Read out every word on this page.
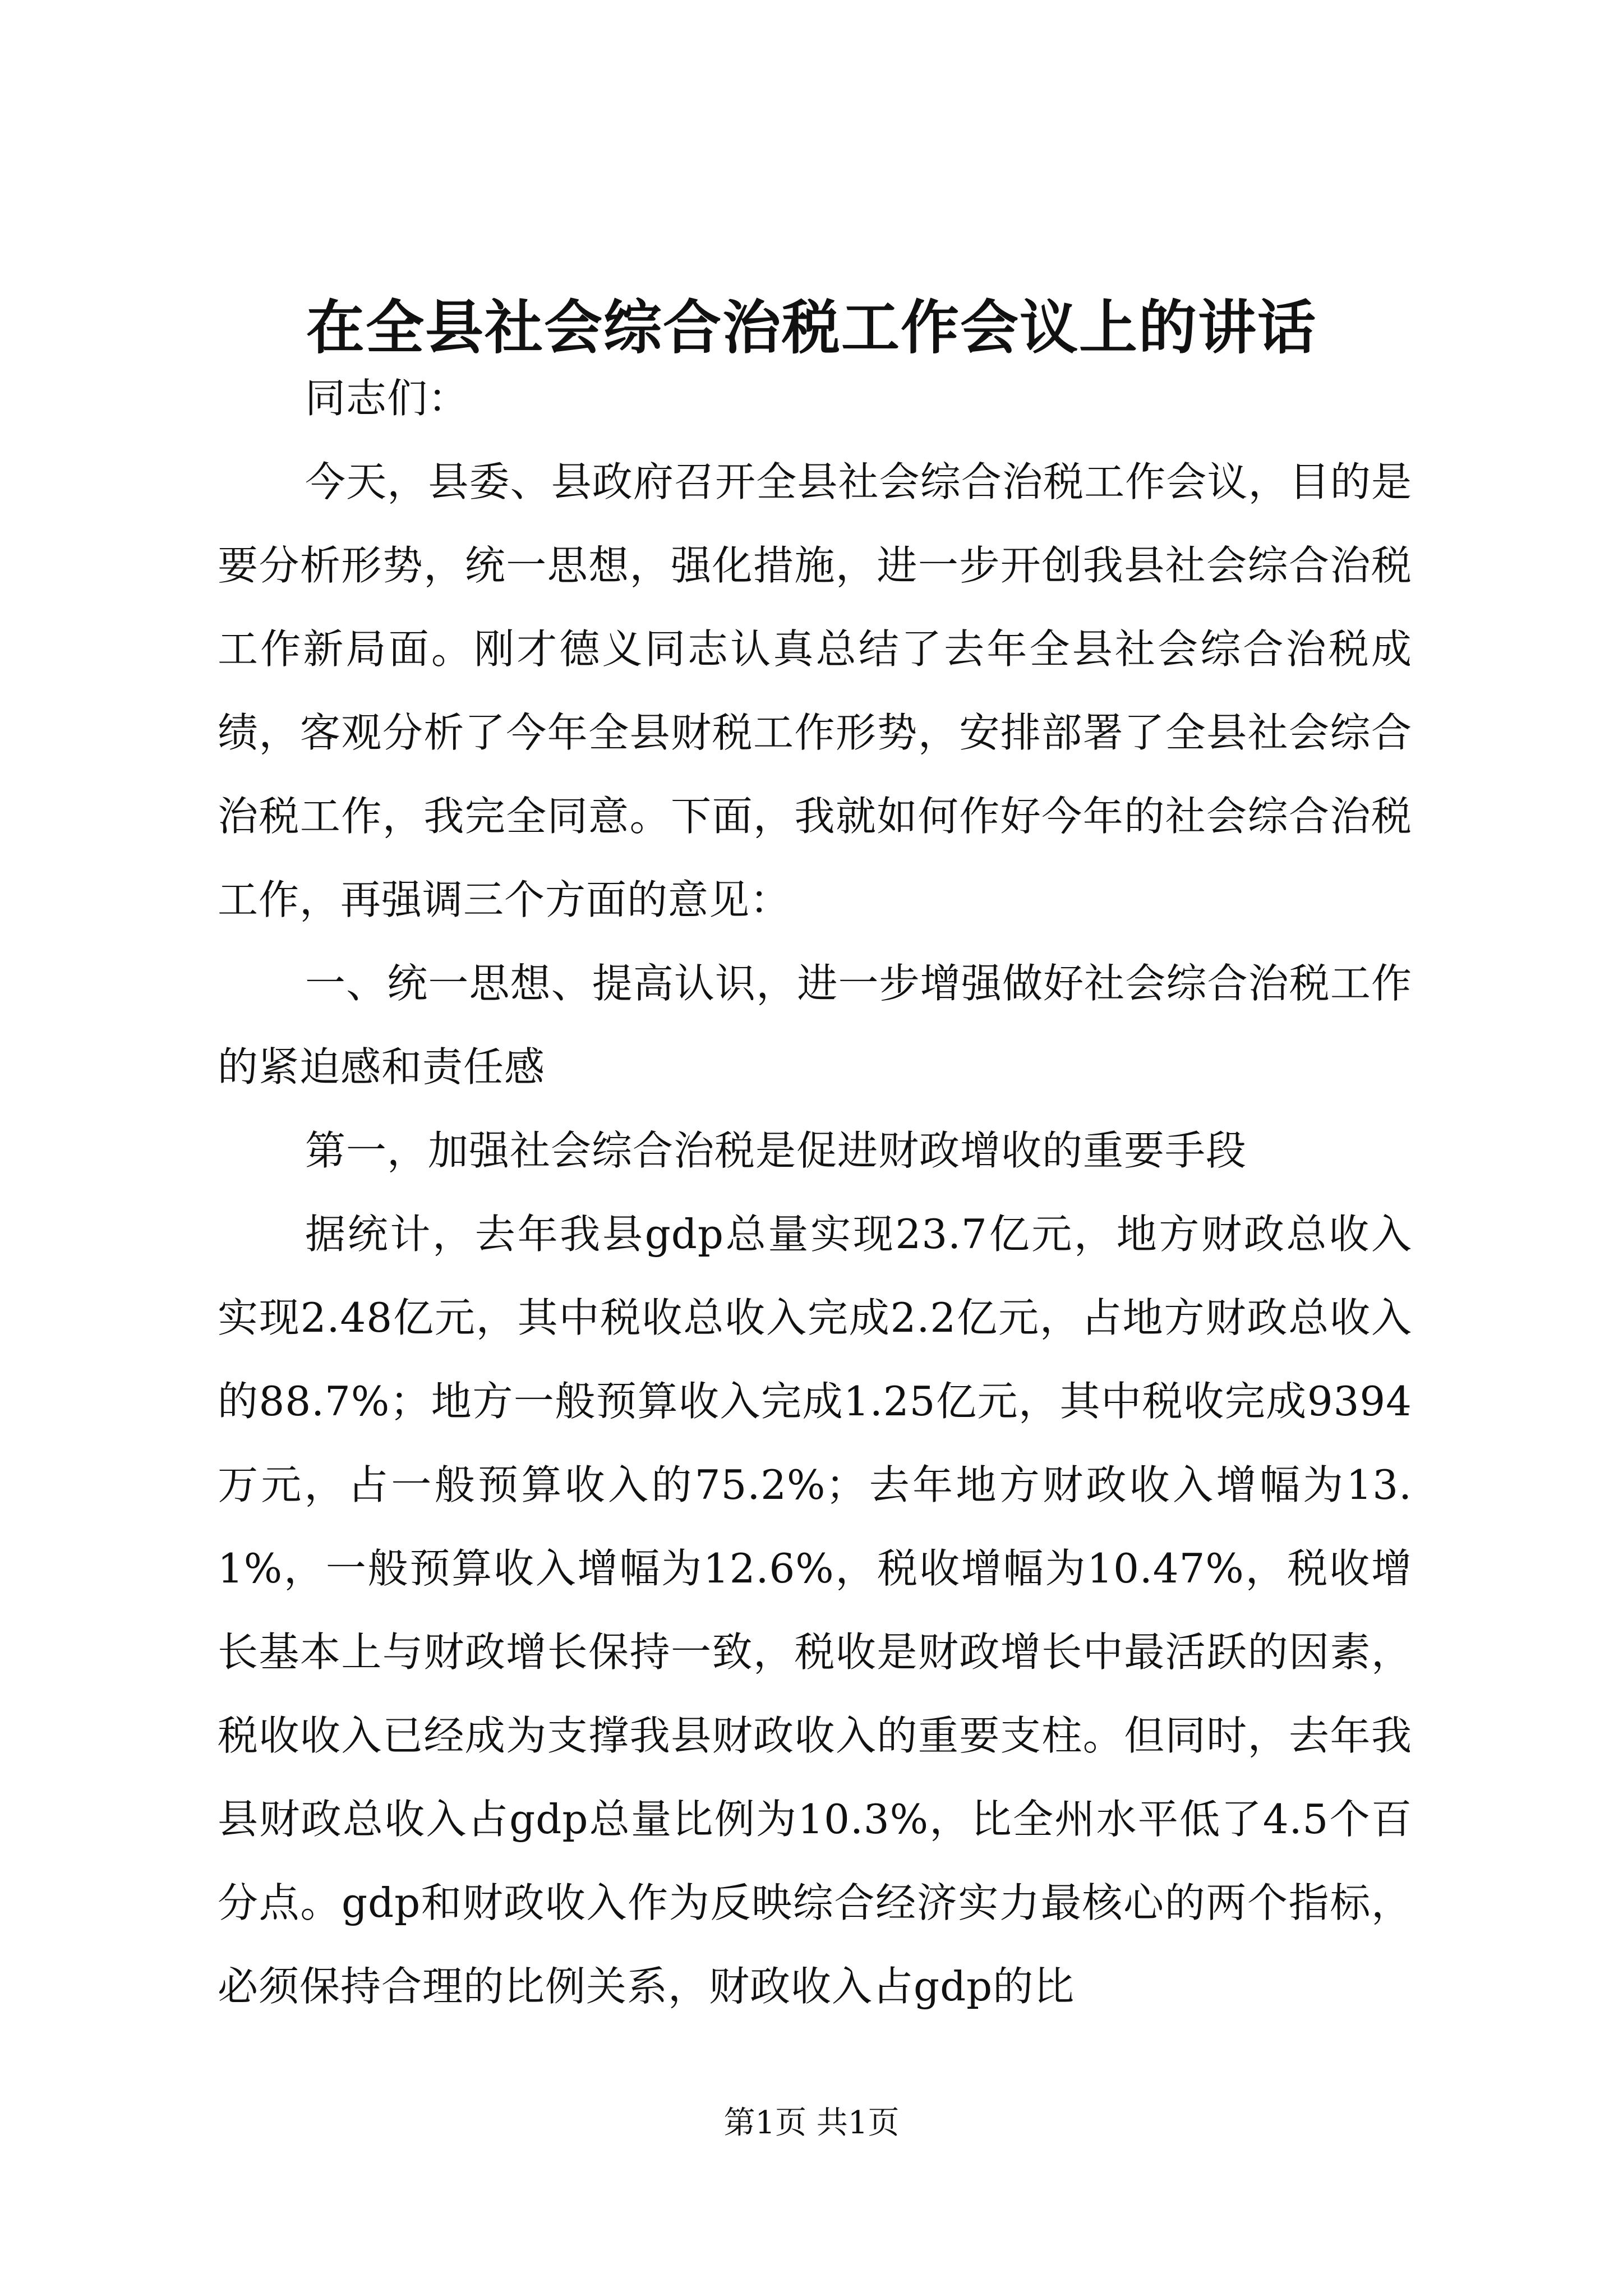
在全县社会综合治税工作会议上的讲话

同志们：

今天，县委、县政府召开全县社会综合治税工作会议，目的是要分析形势，统一思想，强化措施，进一步开创我县社会综合治税工作新局面。刚才德义同志认真总结了去年全县社会综合治税成绩，客观分析了今年全县财税工作形势，安排部署了全县社会综合治税工作，我完全同意。下面，我就如何作好今年的社会综合治税工作，再强调三个方面的意见：

一、统一思想、提高认识，进一步增强做好社会综合治税工作的紧迫感和责任感

第一，加强社会综合治税是促进财政增收的重要手段

据统计，去年我县gdp总量实现23.7亿元，地方财政总收入实现2.48亿元，其中税收总收入完成2.2亿元，占地方财政总收入的88.7%；地方一般预算收入完成1.25亿元，其中税收完成9394万元，占一般预算收入的75.2%；去年地方财政收入增幅为13.1%，一般预算收入增幅为12.6%，税收增幅为10.47%，税收增长基本上与财政增长保持一致，税收是财政增长中最活跃的因素，税收收入已经成为支撑我县财政收入的重要支柱。但同时，去年我县财政总收入占gdp总量比例为10.3%，比全州水平低了4.5个百分点。gdp和财政收入作为反映综合经济实力最核心的两个指标，必须保持合理的比例关系，财政收入占gdp的比

第1页 共1页
